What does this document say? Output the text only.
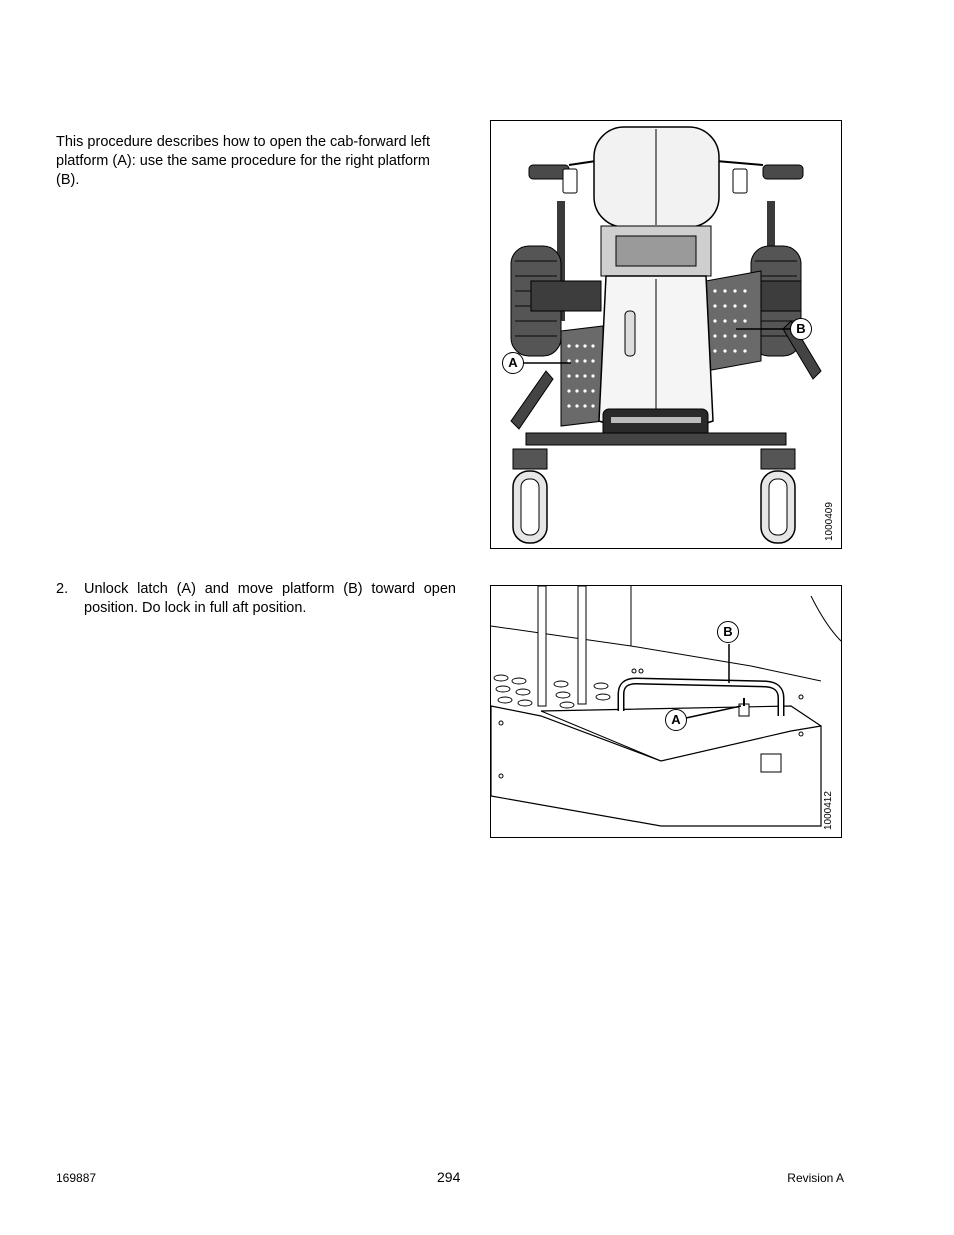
This procedure describes how to open the cab-forward left platform (A): use the same procedure for the right platform (B).

A
B
1000409
2.	Unlock latch (A) and move platform (B) toward open position. Do lock in full aft position.
B
A
1000412
169887	294	Revision A
